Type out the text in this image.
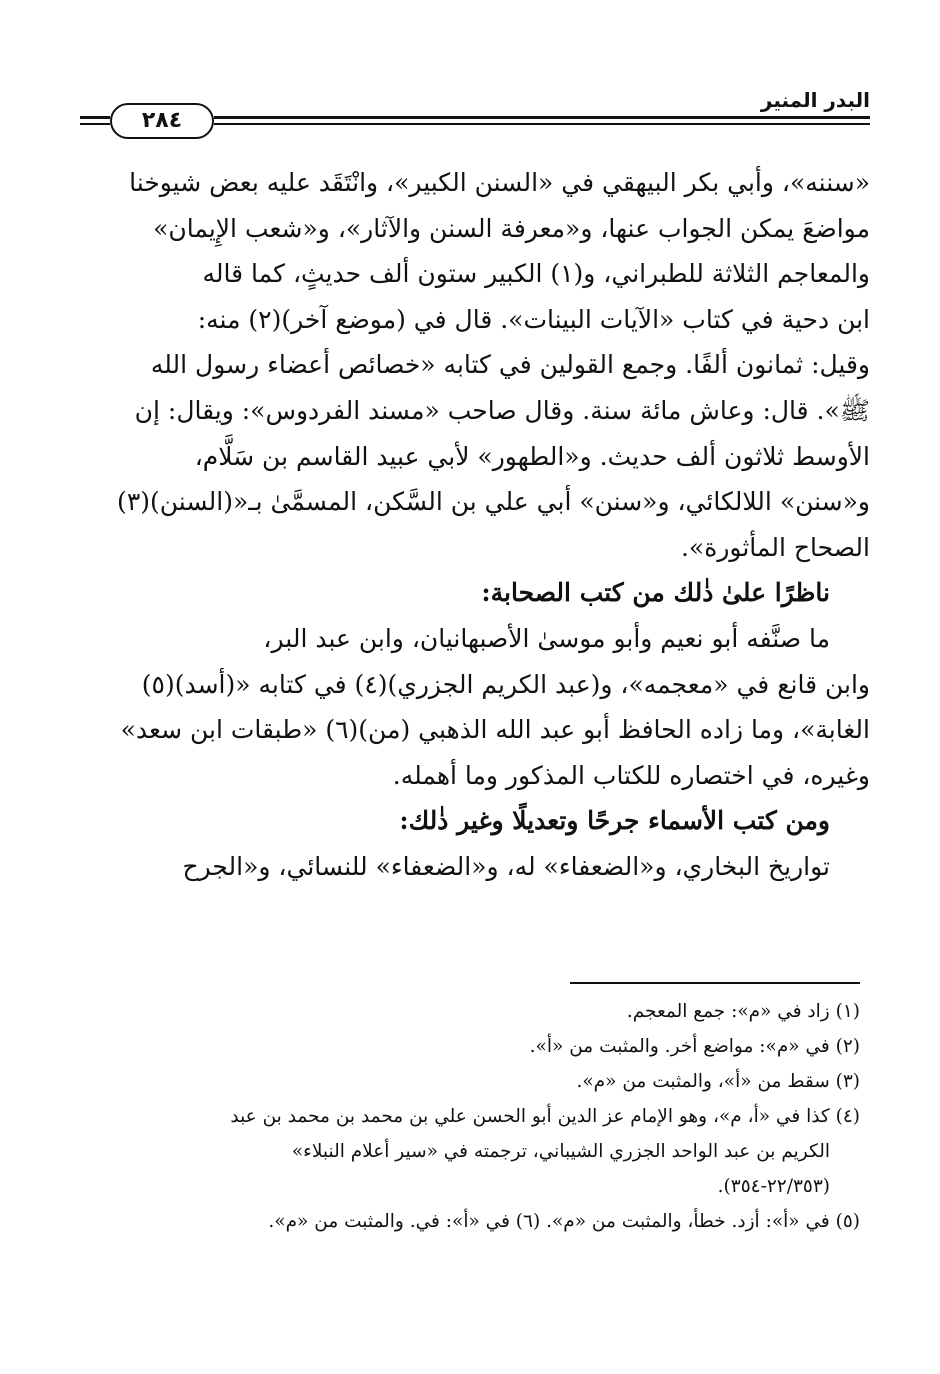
٢٨٤
البدر المنير

«سننه»، وأبي بكر البيهقي في «السنن الكبير»، وانْتَقَد عليه بعض شيوخنا

مواضعَ يمكن الجواب عنها، و«معرفة السنن والآثار»، و«شعب الإِيمان»

والمعاجم الثلاثة للطبراني، و(١) الكبير ستون ألف حديثٍ، كما قاله

ابن دحية في كتاب «الآيات البينات». قال في (موضع آخر)(٢) منه:

وقيل: ثمانون ألفًا. وجمع القولين في كتابه «خصائص أعضاء رسول الله

ﷺ». قال: وعاش مائة سنة. وقال صاحب «مسند الفردوس»: ويقال: إن

الأوسط ثلاثون ألف حديث. و«الطهور» لأبي عبيد القاسم بن سَلَّام،

و«سنن» اللالكائي، و«سنن» أبي علي بن السَّكن، المسمَّىٰ بـ«(السنن)(٣)

الصحاح المأثورة».

ناظرًا علىٰ ذٰلك من كتب الصحابة:

ما صنَّفه أبو نعيم وأبو موسىٰ الأصبهانيان، وابن عبد البر،

وابن قانع في «معجمه»، و(عبد الكريم الجزري)(٤) في كتابه «(أسد)(٥)

الغابة»، وما زاده الحافظ أبو عبد الله الذهبي (من)(٦) «طبقات ابن سعد»

وغيره، في اختصاره للكتاب المذكور وما أهمله.

ومن كتب الأسماء جرحًا وتعديلًا وغير ذٰلك:

تواريخ البخاري، و«الضعفاء» له، و«الضعفاء» للنسائي، و«الجرح

(١) زاد في «م»: جمع المعجم.

(٢) في «م»: مواضع أخر. والمثبت من «أ».

(٣) سقط من «أ»، والمثبت من «م».

(٤) كذا في «أ، م»، وهو الإمام عز الدين أبو الحسن علي بن محمد بن محمد بن عبد

الكريم بن عبد الواحد الجزري الشيباني، ترجمته في «سير أعلام النبلاء»

(٢٢/٣٥٣-٣٥٤).

(٥) في «أ»: أزد. خطأ، والمثبت من «م». (٦) في «أ»: في. والمثبت من «م».
